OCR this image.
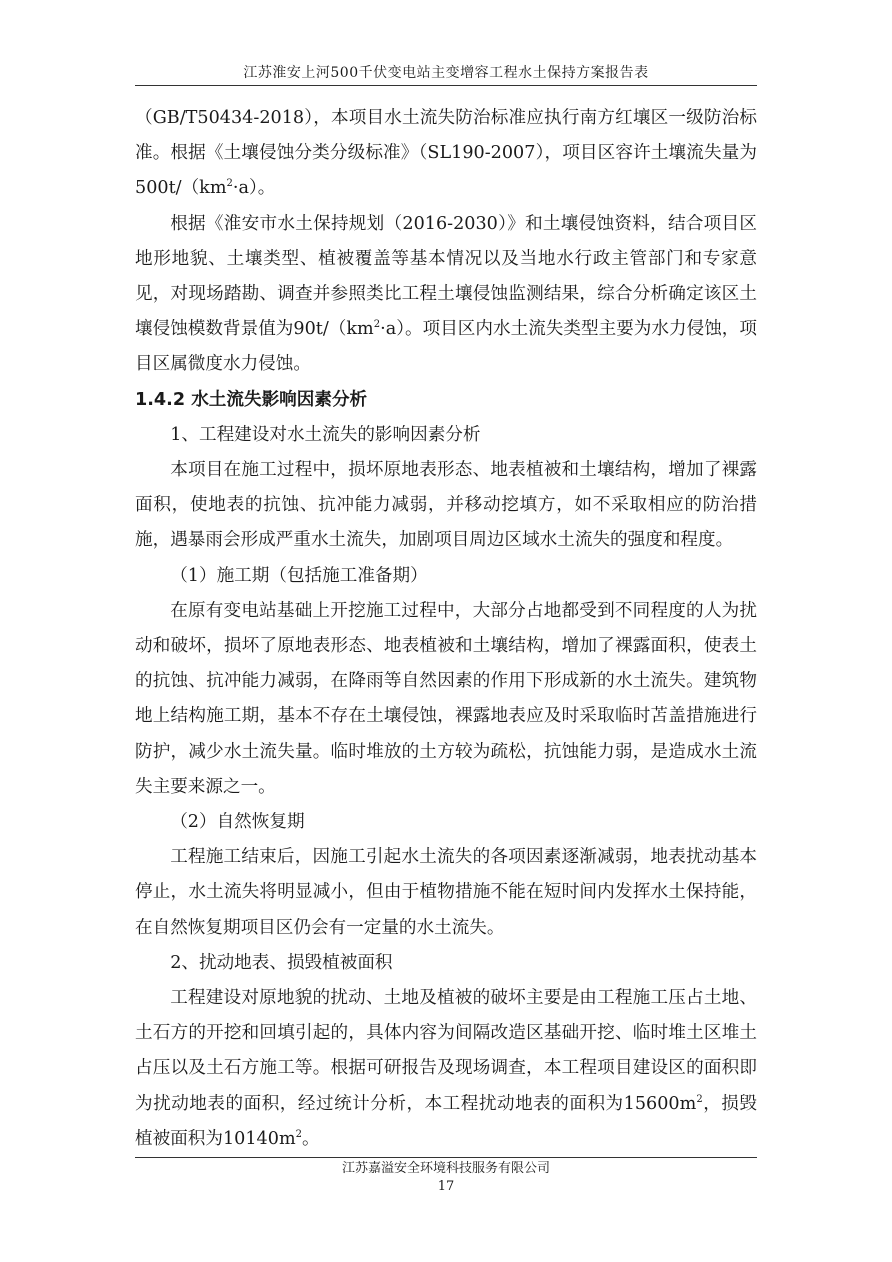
江苏淮安上河500千伏变电站主变增容工程水土保持方案报告表

（GB/T50434-2018），本项目水土流失防治标准应执行南方红壤区一级防治标准。根据《土壤侵蚀分类分级标准》（SL190-2007），项目区容许土壤流失量为$500t/(km^2\cdot a)$。

根据《淮安市水土保持规划（2016-2030）》和土壤侵蚀资料，结合项目区地形地貌、土壤类型、植被覆盖等基本情况以及当地水行政主管部门和专家意见，对现场踏勘、调查并参照类比工程土壤侵蚀监测结果，综合分析确定该区土壤侵蚀模数背景值为$90t/(km^2\cdot a)$。项目区内水土流失类型主要为水力侵蚀，项目区属微度水力侵蚀。

1.4.2 水土流失影响因素分析

1、工程建设对水土流失的影响因素分析

本项目在施工过程中，损坏原地表形态、地表植被和土壤结构，增加了裸露面积，使地表的抗蚀、抗冲能力减弱，并移动挖填方，如不采取相应的防治措施，遇暴雨会形成严重水土流失，加剧项目周边区域水土流失的强度和程度。

（1）施工期（包括施工准备期）

在原有变电站基础上开挖施工过程中，大部分占地都受到不同程度的人为扰动和破坏，损坏了原地表形态、地表植被和土壤结构，增加了裸露面积，使表土的抗蚀、抗冲能力减弱，在降雨等自然因素的作用下形成新的水土流失。建筑物地上结构施工期，基本不存在土壤侵蚀，裸露地表应及时采取临时苫盖措施进行防护，减少水土流失量。临时堆放的土方较为疏松，抗蚀能力弱，是造成水土流失主要来源之一。

（2）自然恢复期

工程施工结束后，因施工引起水土流失的各项因素逐渐减弱，地表扰动基本停止，水土流失将明显减小，但由于植物措施不能在短时间内发挥水土保持能，在自然恢复期项目区仍会有一定量的水土流失。

2、扰动地表、损毁植被面积

工程建设对原地貌的扰动、土地及植被的破坏主要是由工程施工压占土地、土石方的开挖和回填引起的，具体内容为间隔改造区基础开挖、临时堆土区堆土占压以及土石方施工等。根据可研报告及现场调查，本工程项目建设区的面积即为扰动地表的面积，经过统计分析，本工程扰动地表的面积为$15600m^2$，损毁植被面积为$10140m^2$。

江苏嘉溢安全环境科技服务有限公司
17
